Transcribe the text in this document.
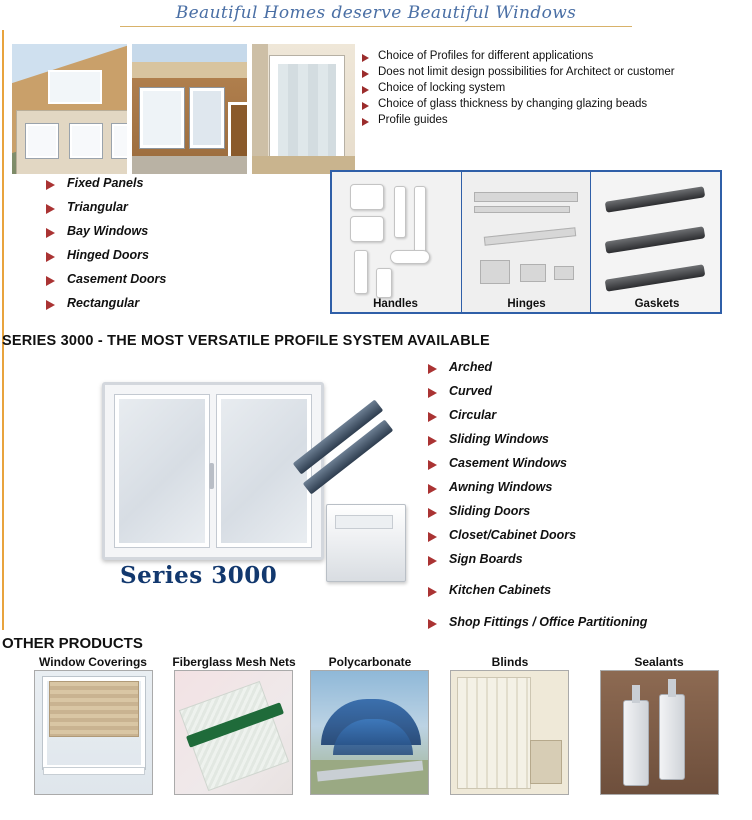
Beautiful Homes deserve Beautiful Windows
Choice of Profiles for different applications
Does not limit design possibilities for Architect or customer
Choice of locking system
Choice of glass thickness by changing glazing beads
Profile guides
Fixed Panels
Triangular
Bay Windows
Hinged Doors
Casement Doors
Rectangular	Handles	Hinges	Gaskets
SERIES 3000 - THE MOST VERSATILE PROFILE SYSTEM AVAILABLE
Series 3000
Arched
Curved
Circular
Sliding Windows
Casement Windows
Awning Windows
Sliding Doors
Closet/Cabinet Doors
Sign Boards
Kitchen Cabinets
Shop Fittings / Office Partitioning
OTHER PRODUCTS
Window Coverings	Fiberglass Mesh Nets	Polycarbonate	Blinds	Sealants
